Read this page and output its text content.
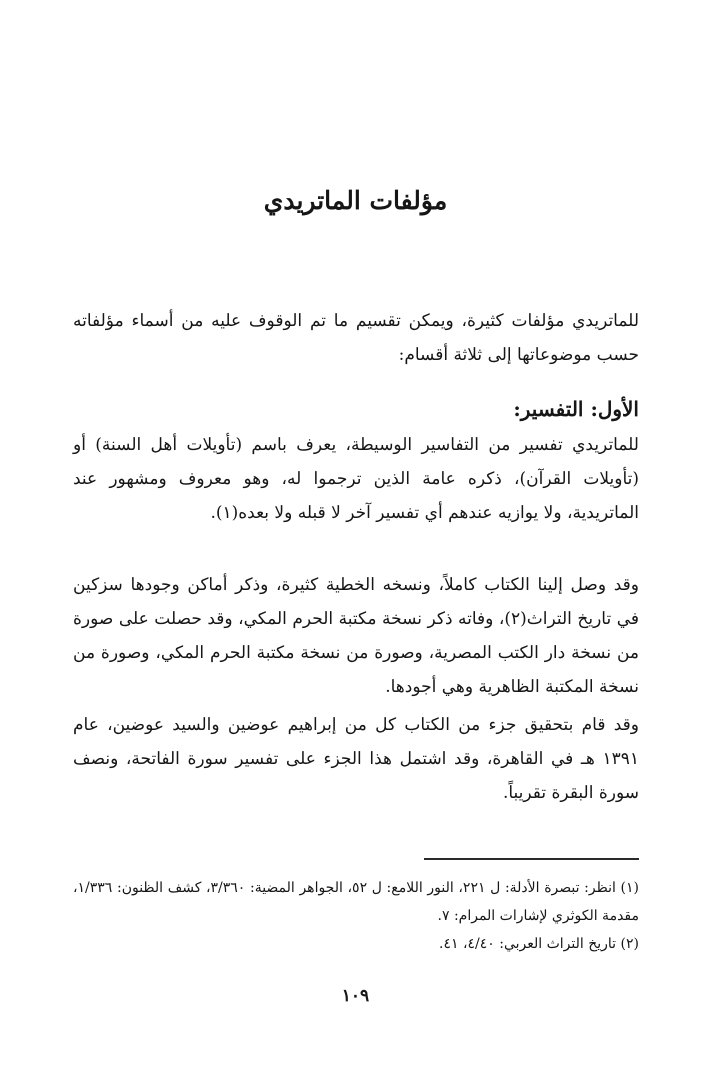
مؤلفات الماتريدي

للماتريدي مؤلفات كثيرة، ويمكن تقسيم ما تم الوقوف عليه من أسماء مؤلفاته حسب موضوعاتها إلى ثلاثة أقسام:

الأول: التفسير:

للماتريدي تفسير من التفاسير الوسيطة، يعرف باسم (تأويلات أهل السنة) أو (تأويلات القرآن)، ذكره عامة الذين ترجموا له، وهو معروف ومشهور عند الماتريدية، ولا يوازيه عندهم أي تفسير آخر لا قبله ولا بعده(١).

وقد وصل إلينا الكتاب كاملاً، ونسخه الخطية كثيرة، وذكر أماكن وجودها سزكين في تاريخ التراث(٢)، وفاته ذكر نسخة مكتبة الحرم المكي، وقد حصلت على صورة من نسخة دار الكتب المصرية، وصورة من نسخة مكتبة الحرم المكي، وصورة من نسخة المكتبة الظاهرية وهي أجودها.

وقد قام بتحقيق جزء من الكتاب كل من إبراهيم عوضين والسيد عوضين، عام ١٣٩١ هـ في القاهرة، وقد اشتمل هذا الجزء على تفسير سورة الفاتحة، ونصف سورة البقرة تقريباً.

(١) انظر: تبصرة الأدلة: ل ٢٢١، النور اللامع: ل ٥٢، الجواهر المضية: ٣/٣٦٠، كشف الظنون: ١/٣٣٦، مقدمة الكوثري لإشارات المرام: ٧.

(٢) تاريخ التراث العربي: ٤/٤٠، ٤١.

١٠٩
